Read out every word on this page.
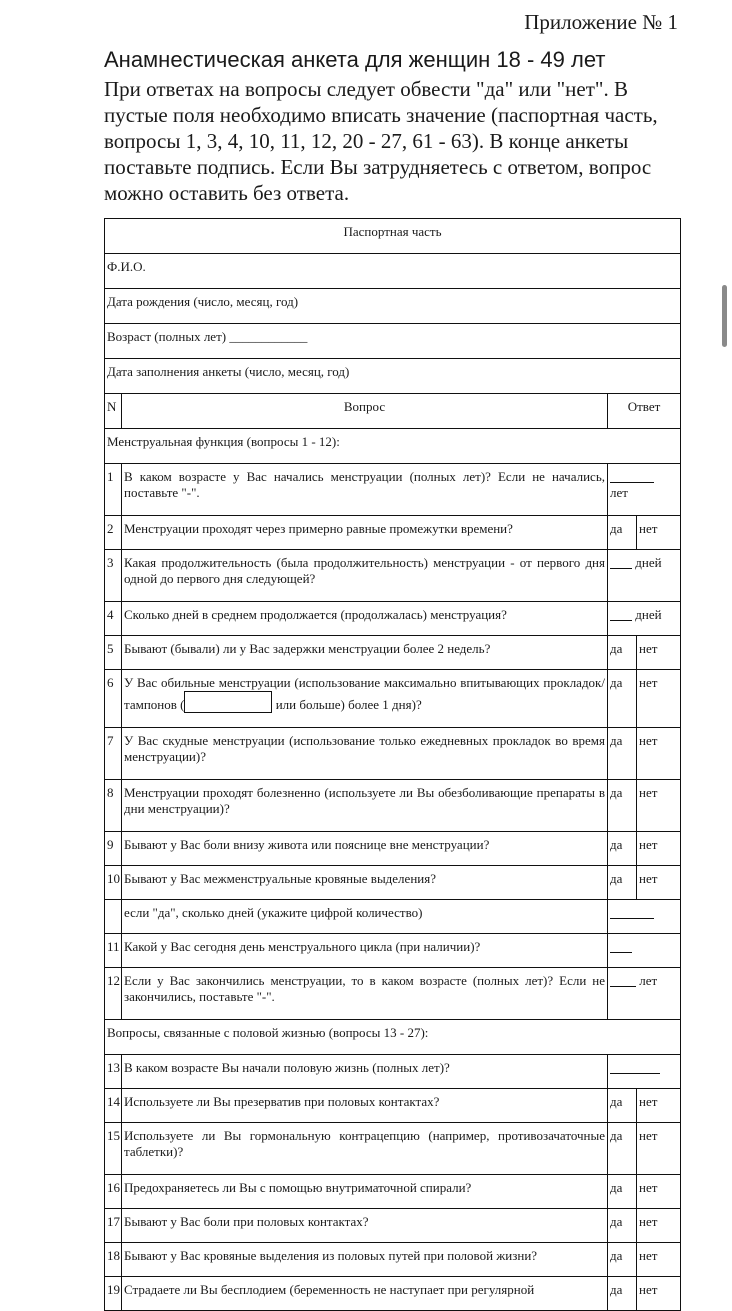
Приложение № 1
Анамнестическая анкета для женщин 18 - 49 лет
При ответах на вопросы следует обвести "да" или "нет". В пустые поля необходимо вписать значение (паспортная часть, вопросы 1, 3, 4, 10, 11, 12, 20 - 27, 61 - 63). В конце анкеты поставьте подпись. Если Вы затрудняетесь с ответом, вопрос можно оставить без ответа.
Паспортная часть			
Ф.И.О.			
Дата рождения (число, месяц, год)			
Возраст (полных лет) ____________			
Дата заполнения анкеты (число, месяц, год)			
N	Вопрос	Ответ	
Менструальная функция (вопросы 1 - 12):			
1	В каком возрасте у Вас начались менструации (полных лет)? Если не начались, поставьте "-".	лет	
2	Менструации проходят через примерно равные промежутки времени?	да	нет
3	Какая продолжительность (была продолжительность) менструации - от первого дня одной до первого дня следующей?	дней	
4	Сколько дней в среднем продолжается (продолжалась) менструация?	дней	
5	Бывают (бывали) ли у Вас задержки менструации более 2 недель?	да	нет
6	У Вас обильные менструации (использование максимально впитывающих прокладок/тампонов ( или больше) более 1 дня)?	да	нет
7	У Вас скудные менструации (использование только ежедневных прокладок во время менструации)?	да	нет
8	Менструации проходят болезненно (используете ли Вы обезболивающие препараты в дни менструации)?	да	нет
9	Бывают у Вас боли внизу живота или пояснице вне менструации?	да	нет
10	Бывают у Вас межменструальные кровяные выделения?	да	нет
	если "да", сколько дней (укажите цифрой количество)		
11	Какой у Вас сегодня день менструального цикла (при наличии)?		
12	Если у Вас закончились менструации, то в каком возрасте (полных лет)? Если не закончились, поставьте "-".	лет	
Вопросы, связанные с половой жизнью (вопросы 13 - 27):			
13	В каком возрасте Вы начали половую жизнь (полных лет)?		
14	Используете ли Вы презерватив при половых контактах?	да	нет
15	Используете ли Вы гормональную контрацепцию (например, противозачаточные таблетки)?	да	нет
16	Предохраняетесь ли Вы с помощью внутриматочной спирали?	да	нет
17	Бывают у Вас боли при половых контактах?	да	нет
18	Бывают у Вас кровяные выделения из половых путей при половой жизни?	да	нет
19	Страдаете ли Вы бесплодием (беременность не наступает при регулярной	да	нет
